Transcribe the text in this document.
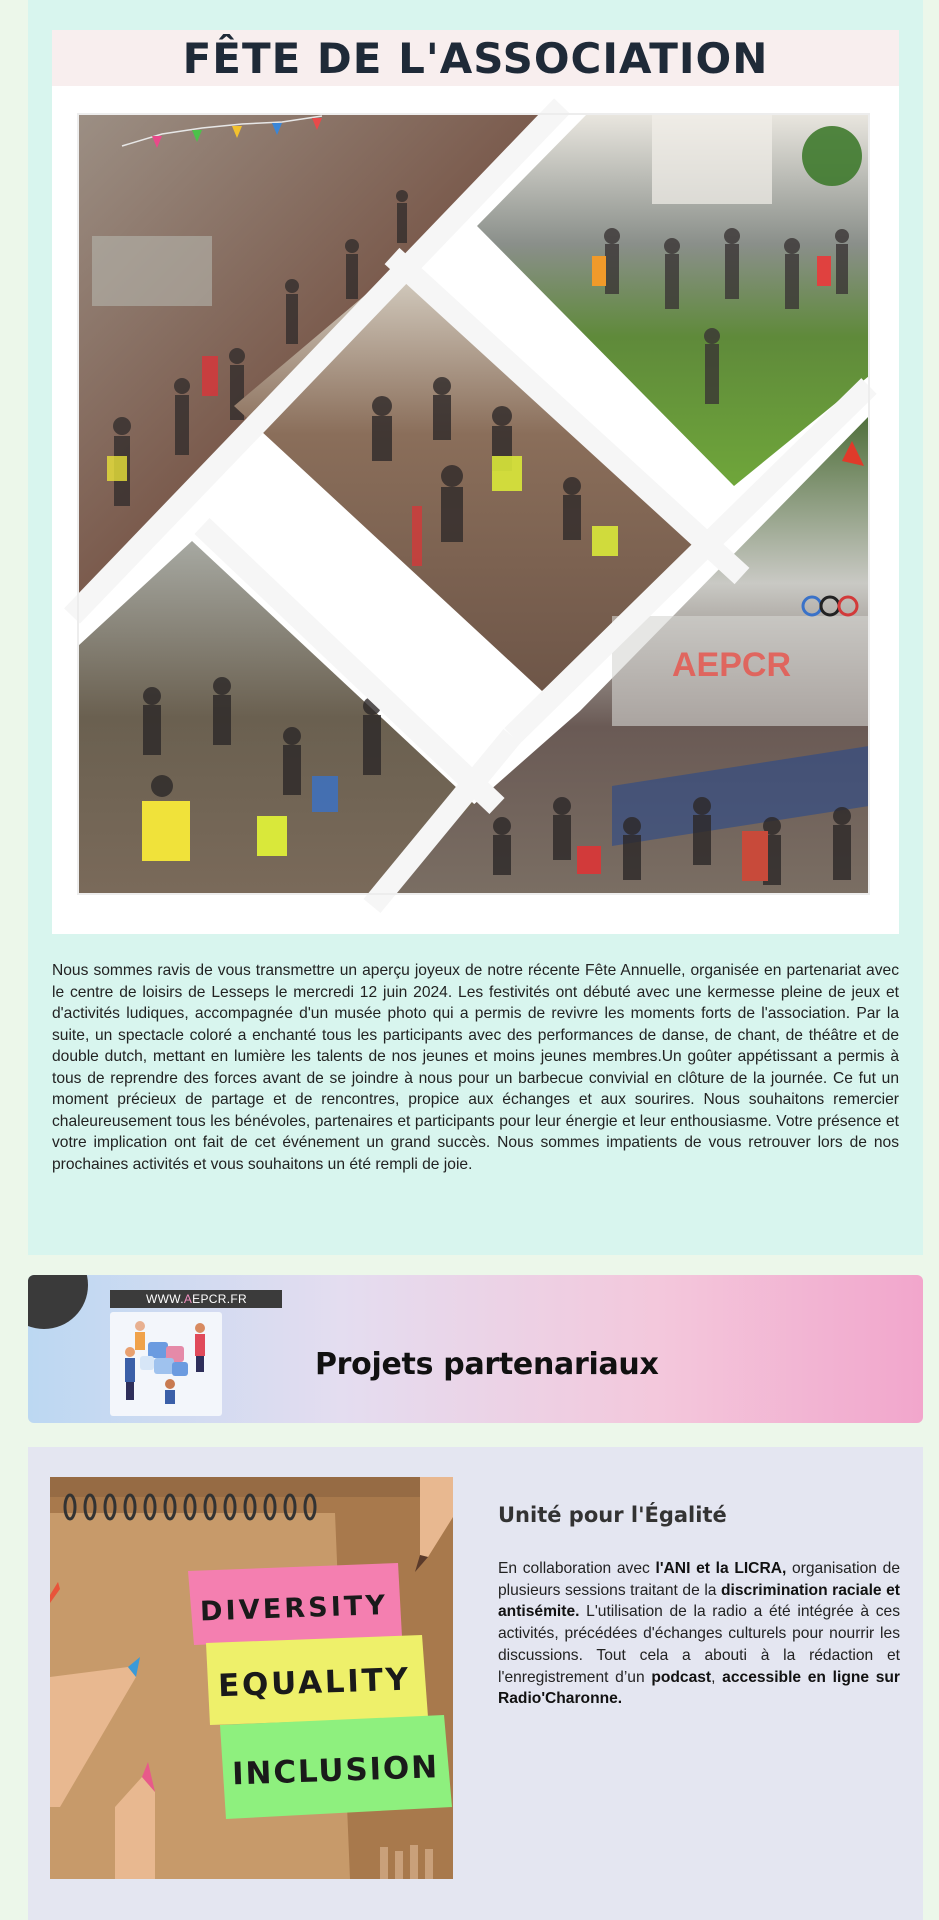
FÊTE DE L'ASSOCIATION
AEPCR

Nous sommes ravis de vous transmettre un aperçu joyeux de notre récente Fête Annuelle, organisée en partenariat avec le centre de loisirs de Lesseps le mercredi 12 juin 2024. Les festivités ont débuté avec une kermesse pleine de jeux et d'activités ludiques, accompagnée d'un musée photo qui a permis de revivre les moments forts de l'association. Par la suite, un spectacle coloré a enchanté tous les participants avec des performances de danse, de chant, de théâtre et de double dutch, mettant en lumière les talents de nos jeunes et moins jeunes membres.Un goûter appétissant a permis à tous de reprendre des forces avant de se joindre à nous pour un barbecue convivial en clôture de la journée. Ce fut un moment précieux de partage et de rencontres, propice aux échanges et aux sourires. Nous souhaitons remercier chaleureusement tous les bénévoles, partenaires et participants pour leur énergie et leur enthousiasme. Votre présence et votre implication ont fait de cet événement un grand succès. Nous sommes impatients de vous retrouver lors de nos prochaines activités et vous souhaitons un été rempli de joie.

WWW.AEPCR.FR
Projets partenariaux
DIVERSITY
EQUALITY
INCLUSION
Unité pour l'Égalité

En collaboration avec l'ANI et la LICRA, organisation de plusieurs sessions traitant de la discrimination raciale et antisémite. L'utilisation de la radio a été intégrée à ces activités, précédées d'échanges culturels pour nourrir les discussions. Tout cela a abouti à la rédaction et l'enregistrement d’un podcast, accessible en ligne sur Radio'Charonne.
